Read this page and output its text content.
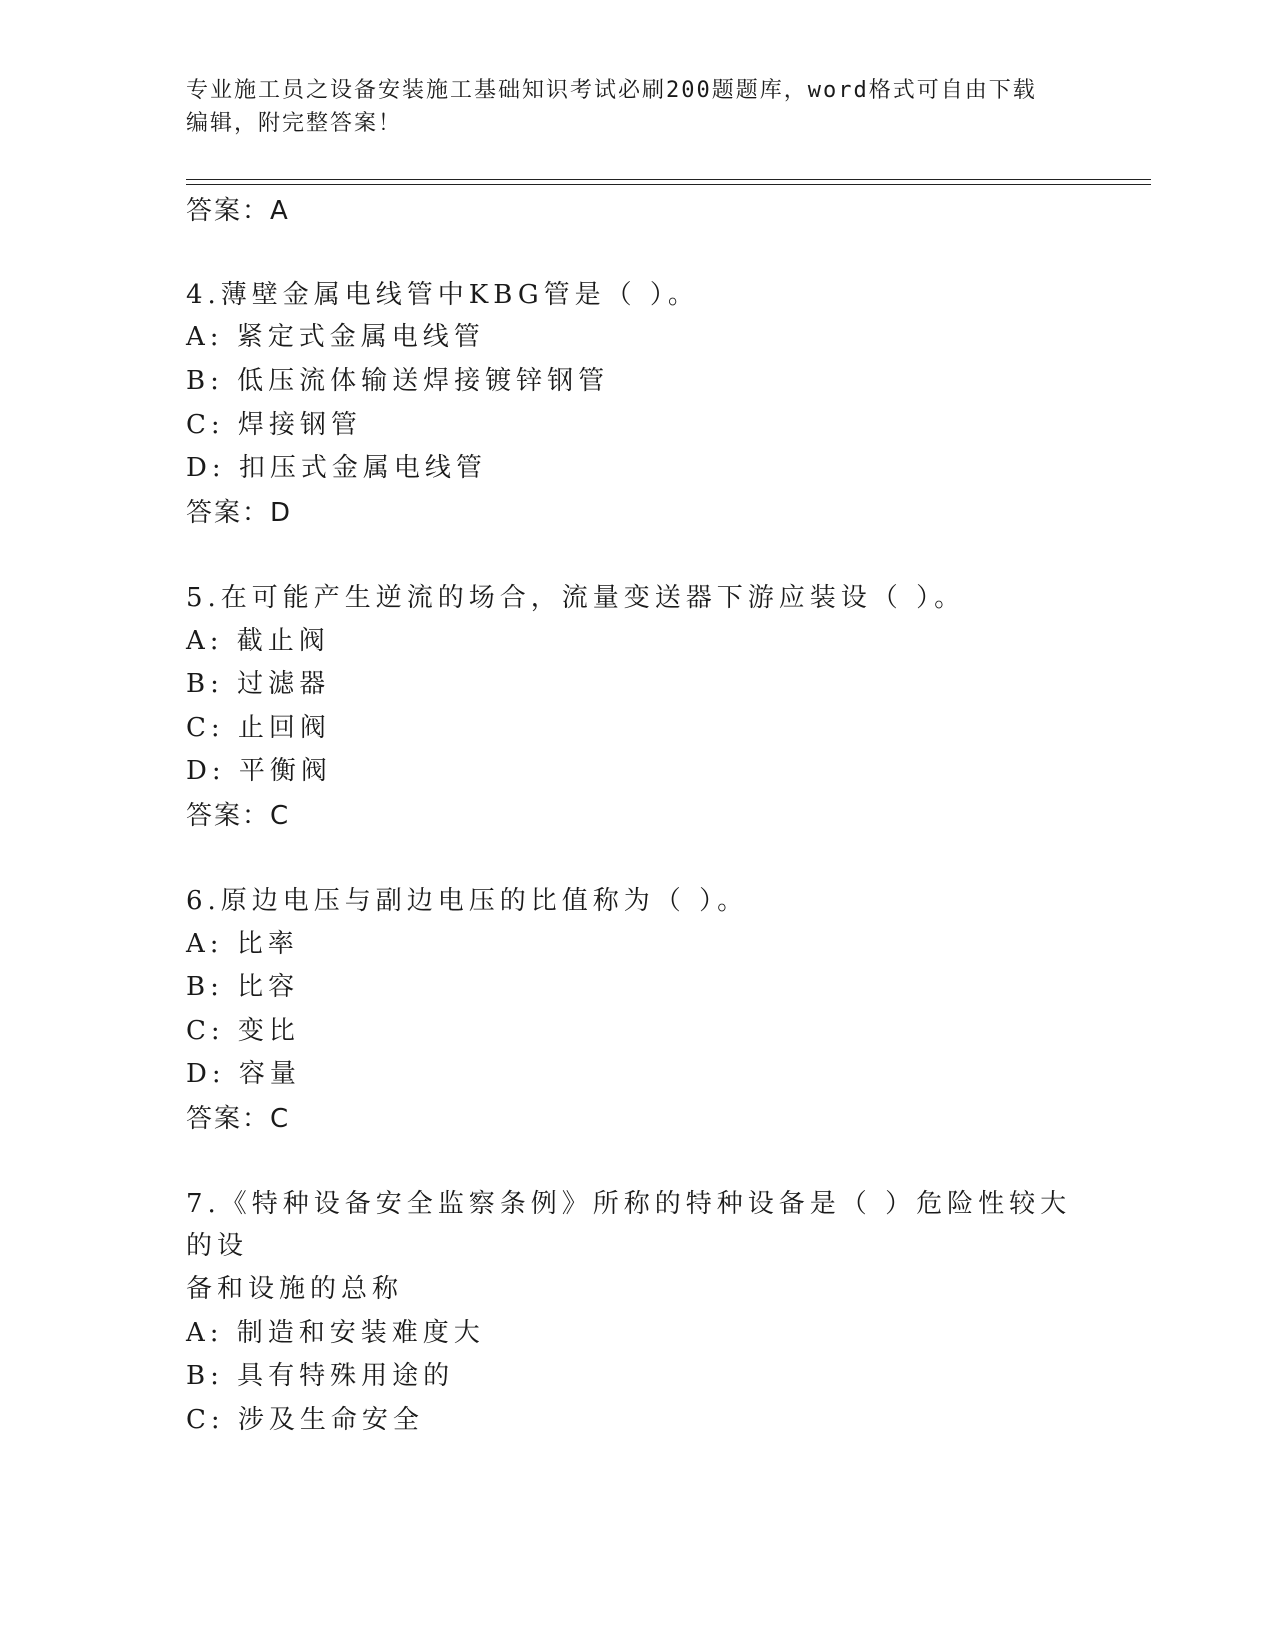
专业施工员之设备安装施工基础知识考试必刷200题题库，word格式可自由下载
编辑，附完整答案！
答案：A
4.薄壁金属电线管中KBG管是（ ）。
A: 紧定式金属电线管
B: 低压流体输送焊接镀锌钢管
C: 焊接钢管
D: 扣压式金属电线管
答案：D
5.在可能产生逆流的场合，流量变送器下游应装设（ ）。
A: 截止阀
B: 过滤器
C: 止回阀
D: 平衡阀
答案：C
6.原边电压与副边电压的比值称为（ ）。
A: 比率
B: 比容
C: 变比
D: 容量
答案：C
7.《特种设备安全监察条例》所称的特种设备是（ ）危险性较大的设
备和设施的总称
A: 制造和安装难度大
B: 具有特殊用途的
C: 涉及生命安全
